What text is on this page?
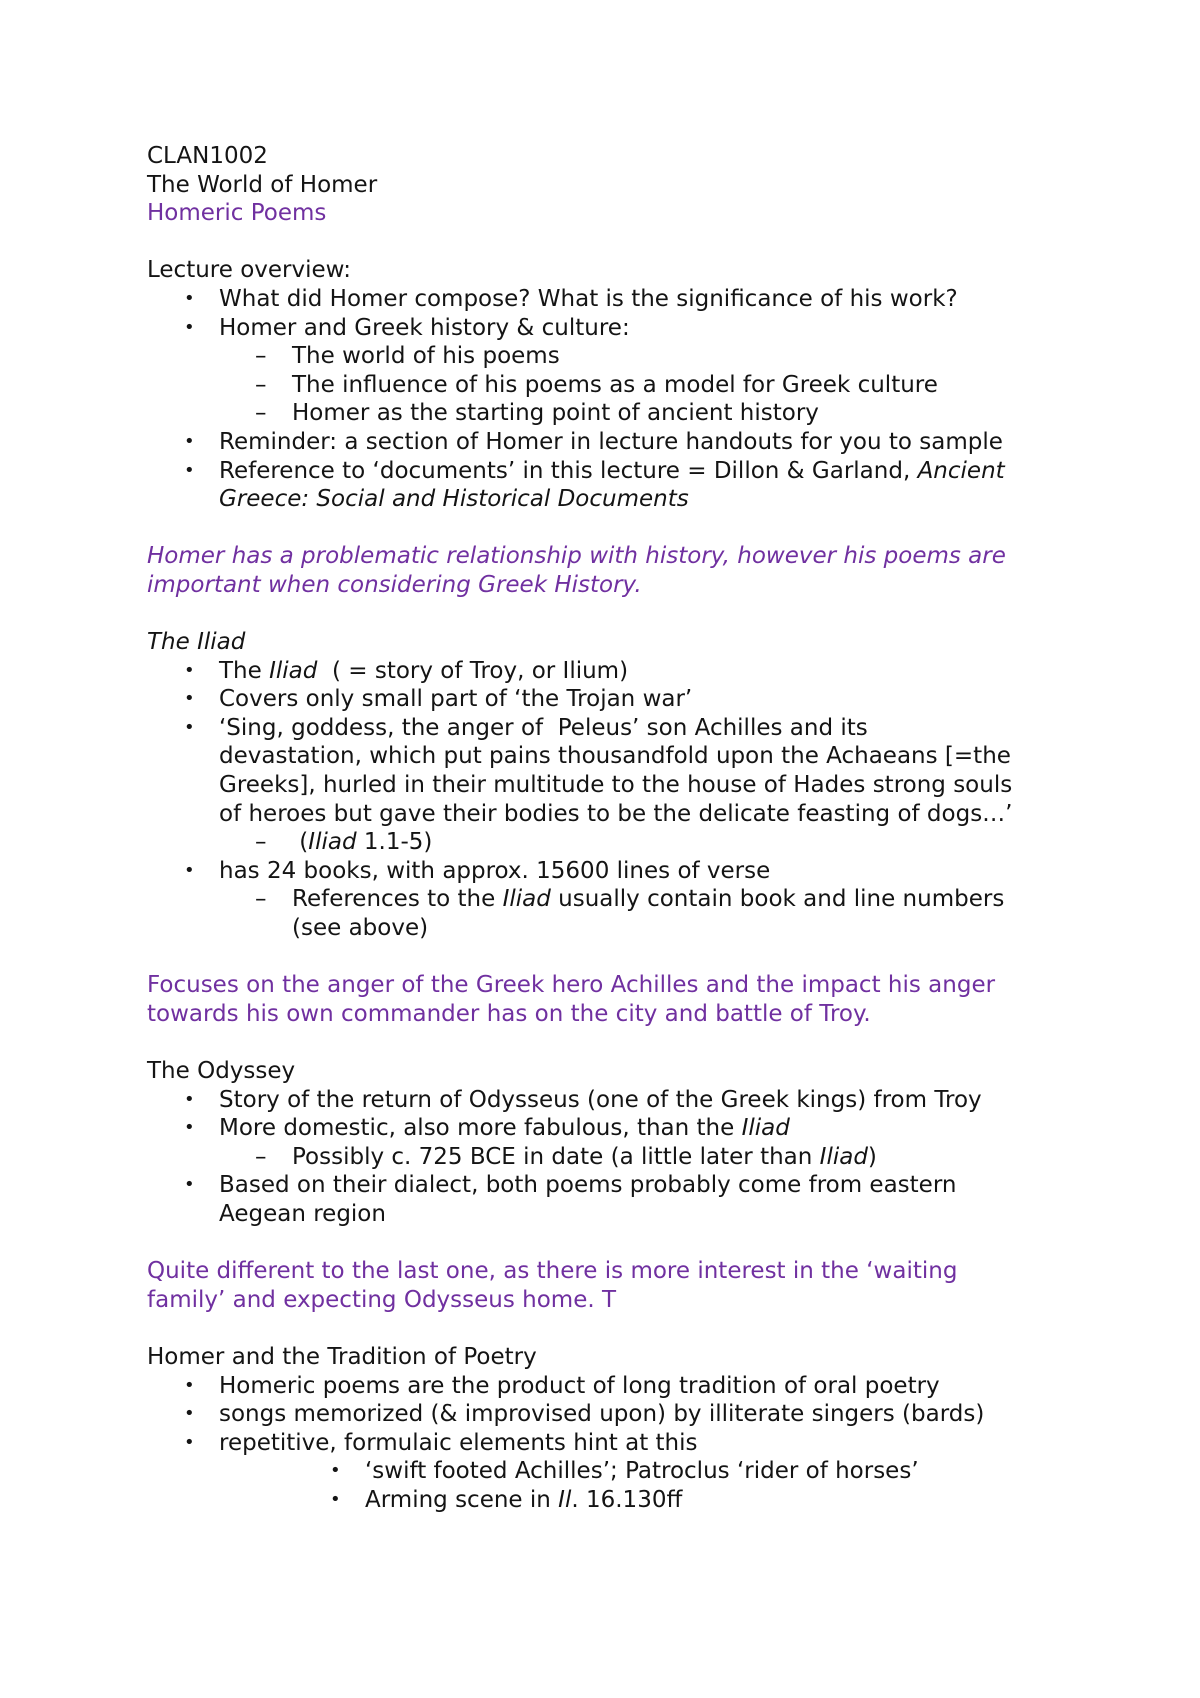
CLAN1002

The World of Homer

Homeric Poems

Lecture overview:

• What did Homer compose? What is the significance of his work?
• Homer and Greek history & culture:
– The world of his poems
– The influence of his poems as a model for Greek culture
– Homer as the starting point of ancient history
• Reminder: a section of Homer in lecture handouts for you to sample
• Reference to ‘documents’ in this lecture = Dillon & Garland, Ancient
Greece: Social and Historical Documents

Homer has a problematic relationship with history, however his poems are

important when considering Greek History.

The Iliad

• The Iliad  ( = story of Troy, or Ilium)
• Covers only small part of ‘the Trojan war’
• ‘Sing, goddess, the anger of  Peleus’ son Achilles and its
devastation, which put pains thousandfold upon the Achaeans [=the
Greeks], hurled in their multitude to the house of Hades strong souls
of heroes but gave their bodies to be the delicate feasting of dogs…’
–  (Iliad 1.1-5)
• has 24 books, with approx. 15600 lines of verse
– References to the Iliad usually contain book and line numbers
(see above)

Focuses on the anger of the Greek hero Achilles and the impact his anger

towards his own commander has on the city and battle of Troy.

The Odyssey

• Story of the return of Odysseus (one of the Greek kings) from Troy
• More domestic, also more fabulous, than the Iliad
– Possibly c. 725 BCE in date (a little later than Iliad)
• Based on their dialect, both poems probably come from eastern
Aegean region

Quite different to the last one, as there is more interest in the ‘waiting

family’ and expecting Odysseus home. T

Homer and the Tradition of Poetry

• Homeric poems are the product of long tradition of oral poetry
• songs memorized (& improvised upon) by illiterate singers (bards)
• repetitive, formulaic elements hint at this
• ‘swift footed Achilles’; Patroclus ‘rider of horses’
• Arming scene in Il. 16.130ff
